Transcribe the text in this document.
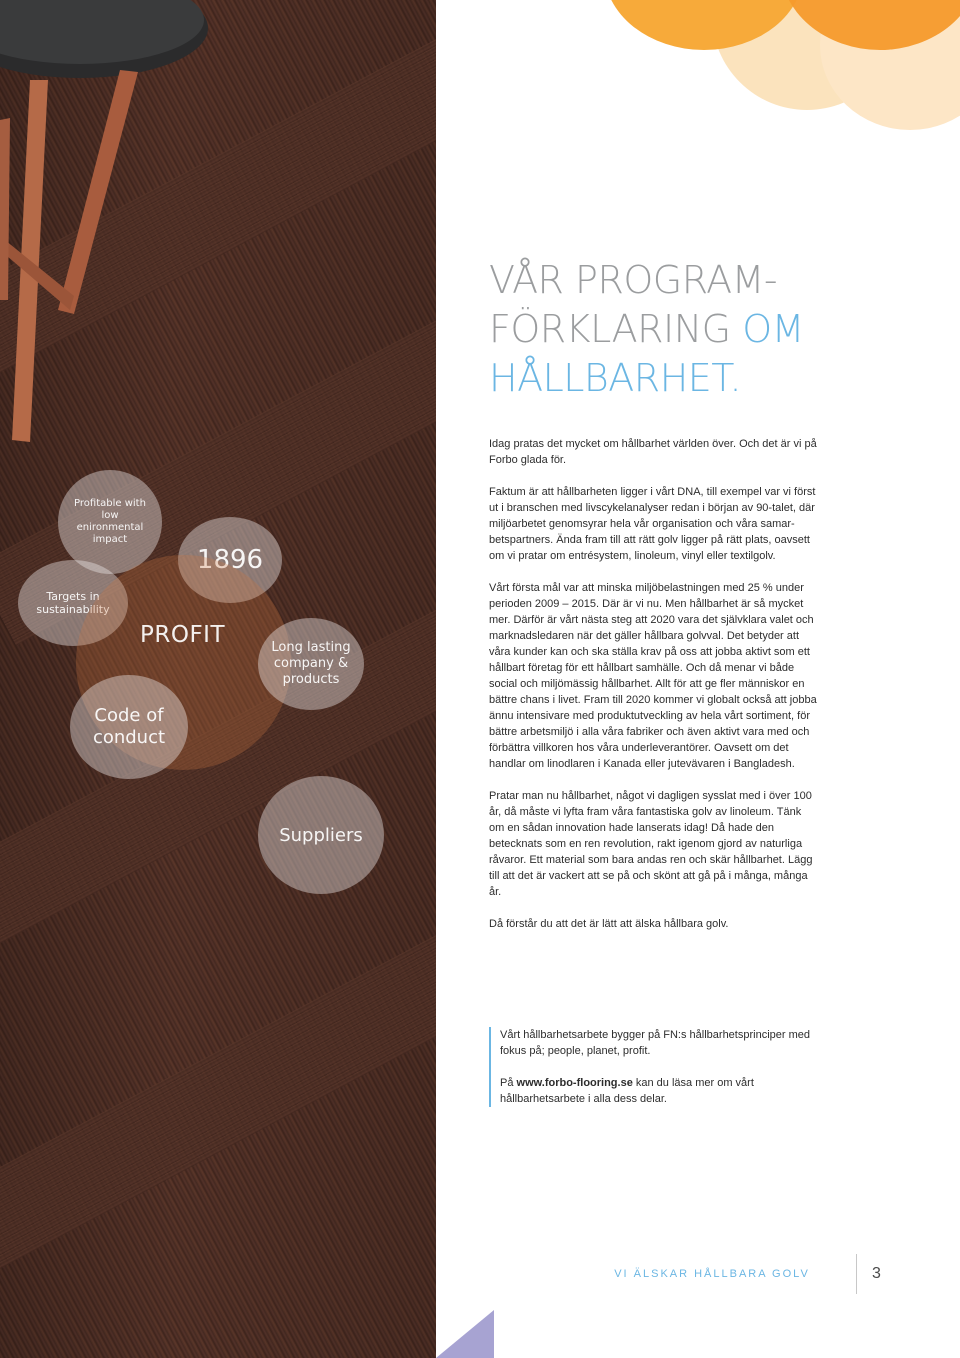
Profitable with low enironmental impact
1896
Targets in sustainability
PROFIT	Long lasting company & products
Code of conduct
Suppliers
VÅR PROGRAM-
FÖRKLARING OM
HÅLLBARHET.

Idag pratas det mycket om hållbarhet världen över. Och det är vi på Forbo glada för.

Faktum är att hållbarheten ligger i vårt DNA, till exempel var vi först ut i branschen med livscykelanalyser redan i början av 90-talet, där miljöarbetet genomsyrar hela vår organisation och våra samar-betspartners. Ända fram till att rätt golv ligger på rätt plats, oavsett om vi pratar om entrésystem, linoleum, vinyl eller textilgolv.

Vårt första mål var att minska miljöbelastningen med 25 % under perioden 2009 – 2015. Där är vi nu. Men hållbarhet är så mycket mer. Därför är vårt nästa steg att 2020 vara det självklara valet och marknadsledaren när det gäller hållbara golvval. Det betyder att våra kunder kan och ska ställa krav på oss att jobba aktivt som ett hållbart företag för ett hållbart samhälle. Och då menar vi både social och miljömässig hållbarhet. Allt för att ge fler människor en bättre chans i livet. Fram till 2020 kommer vi globalt också att jobba ännu intensivare med produktutveckling av hela vårt sortiment, för bättre arbetsmiljö i alla våra fabriker och även aktivt vara med och förbättra villkoren hos våra underleverantörer. Oavsett om det handlar om linodlaren i Kanada eller jutevävaren i Bangladesh.

Pratar man nu hållbarhet, något vi dagligen sysslat med i över 100 år, då måste vi lyfta fram våra fantastiska golv av linoleum. Tänk om en sådan innovation hade lanserats idag! Då hade den betecknats som en ren revolution, rakt igenom gjord av naturliga råvaror. Ett material som bara andas ren och skär hållbarhet. Lägg till att det är vackert att se på och skönt att gå på i många, många år.

Då förstår du att det är lätt att älska hållbara golv.

Vårt hållbarhetsarbete bygger på FN:s hållbarhetsprinciper med fokus på; people, planet, profit.

På www.forbo-flooring.se kan du läsa mer om vårt hållbarhetsarbete i alla dess delar.

VI ÄLSKAR HÅLLBARA GOLV	3
